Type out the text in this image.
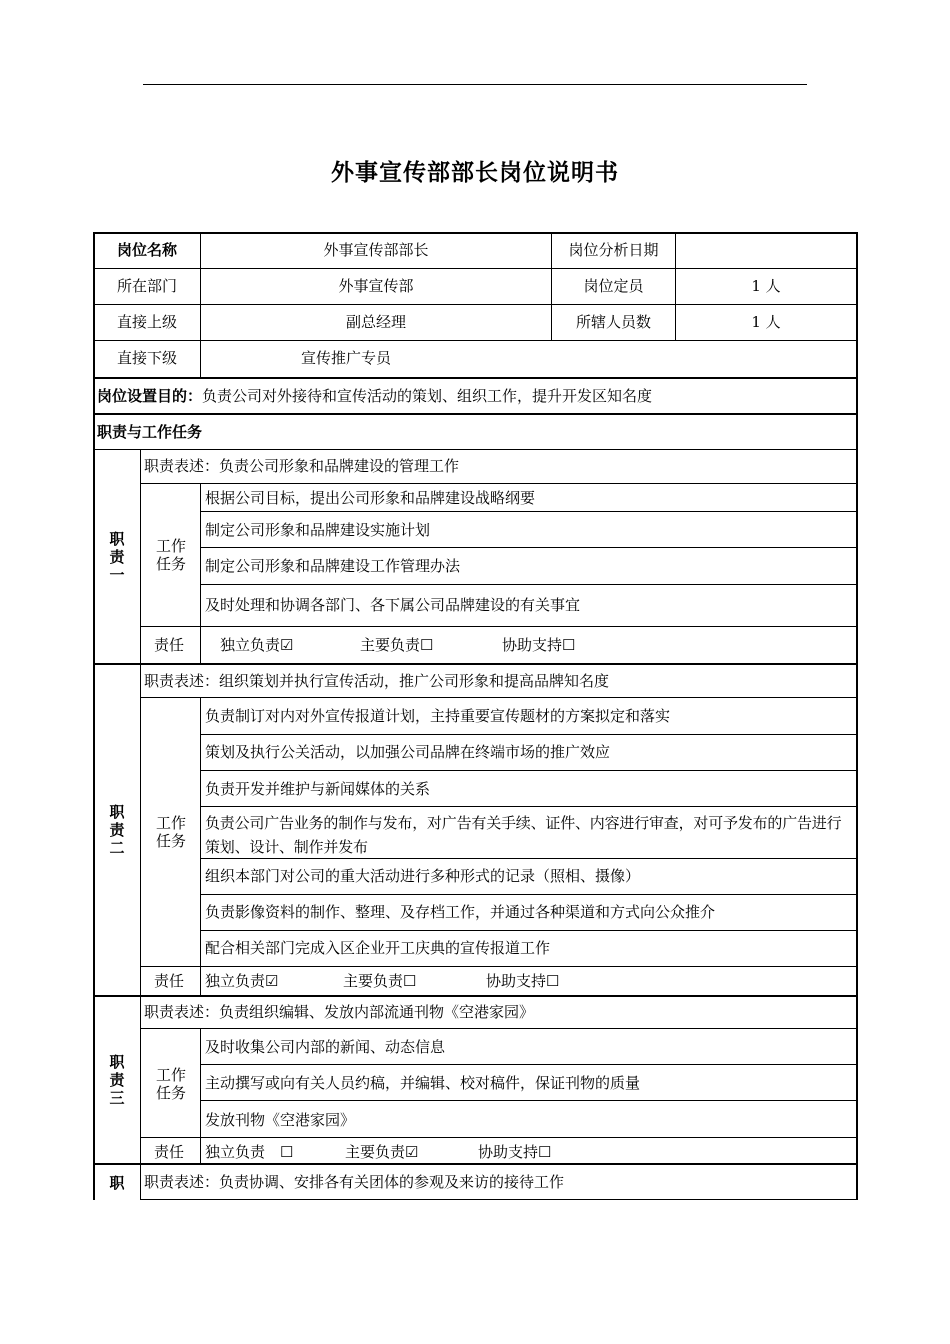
外事宣传部部长岗位说明书
岗位名称	外事宣传部部长	岗位分析日期
所在部门	外事宣传部	岗位定员	1 人
直接上级	副总经理	所辖人员数	1 人
直接下级	宣传推广专员
岗位设置目的：负责公司对外接待和宣传活动的策划、组织工作，提升开发区知名度
职责与工作任务
职责一
职责表述：负责公司形象和品牌建设的管理工作
工作任务
根据公司目标，提出公司形象和品牌建设战略纲要
制定公司形象和品牌建设实施计划
制定公司形象和品牌建设工作管理办法
及时处理和协调各部门、各下属公司品牌建设的有关事宜
责任 独立负责☑	主要负责☐	协助支持☐
职责二
职责表述：组织策划并执行宣传活动，推广公司形象和提高品牌知名度
工作任务
负责制订对内对外宣传报道计划，主持重要宣传题材的方案拟定和落实
策划及执行公关活动，以加强公司品牌在终端市场的推广效应
负责开发并维护与新闻媒体的关系
负责公司广告业务的制作与发布，对广告有关手续、证件、内容进行审查，对可予发布的广告进行策划、设计、制作并发布
组织本部门对公司的重大活动进行多种形式的记录（照相、摄像）
负责影像资料的制作、整理、及存档工作，并通过各种渠道和方式向公众推介
配合相关部门完成入区企业开工庆典的宣传报道工作
责任 独立负责☑	主要负责☐	协助支持☐
职责三
职责表述：负责组织编辑、发放内部流通刊物《空港家园》
工作任务
及时收集公司内部的新闻、动态信息
主动撰写或向有关人员约稿，并编辑、校对稿件，保证刊物的质量
发放刊物《空港家园》
责任 独立负责　☐	主要负责☑	协助支持☐
职 职责表述：负责协调、安排各有关团体的参观及来访的接待工作
